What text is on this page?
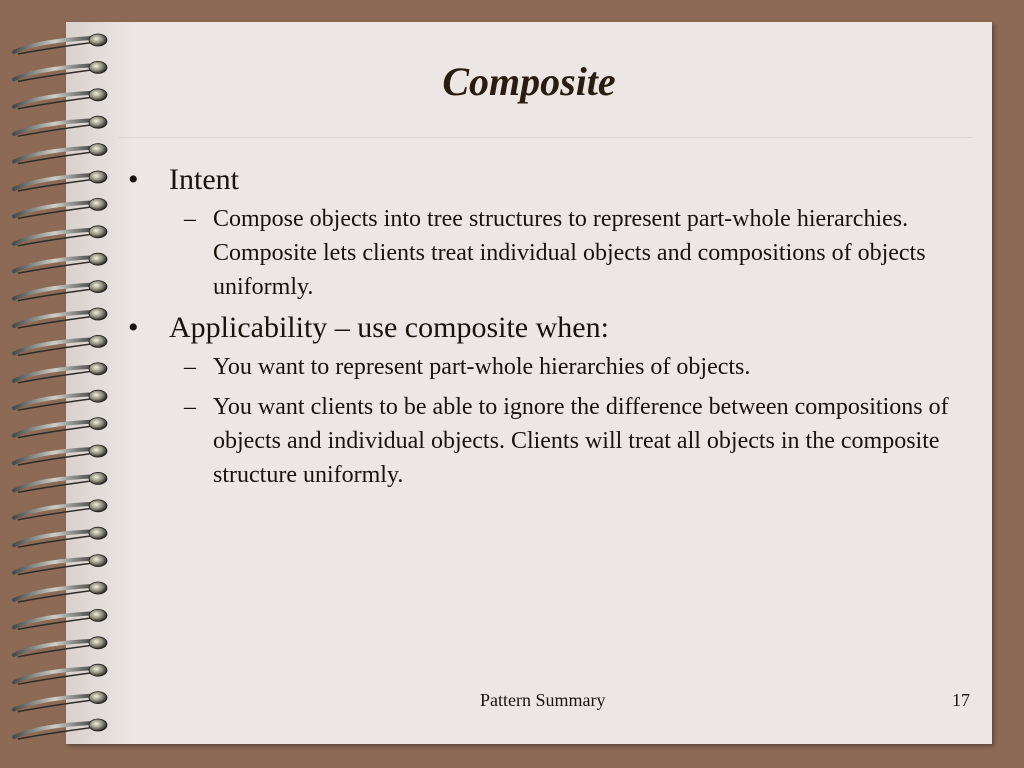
Composite
• Intent
– Compose objects into tree structures to represent part-whole hierarchies. Composite lets clients treat individual objects and compositions of objects uniformly.
• Applicability – use composite when:
– You want to represent part-whole hierarchies of objects.
– You want clients to be able to ignore the difference between compositions of objects and individual objects. Clients will treat all objects in the composite structure uniformly.
Pattern Summary	17
